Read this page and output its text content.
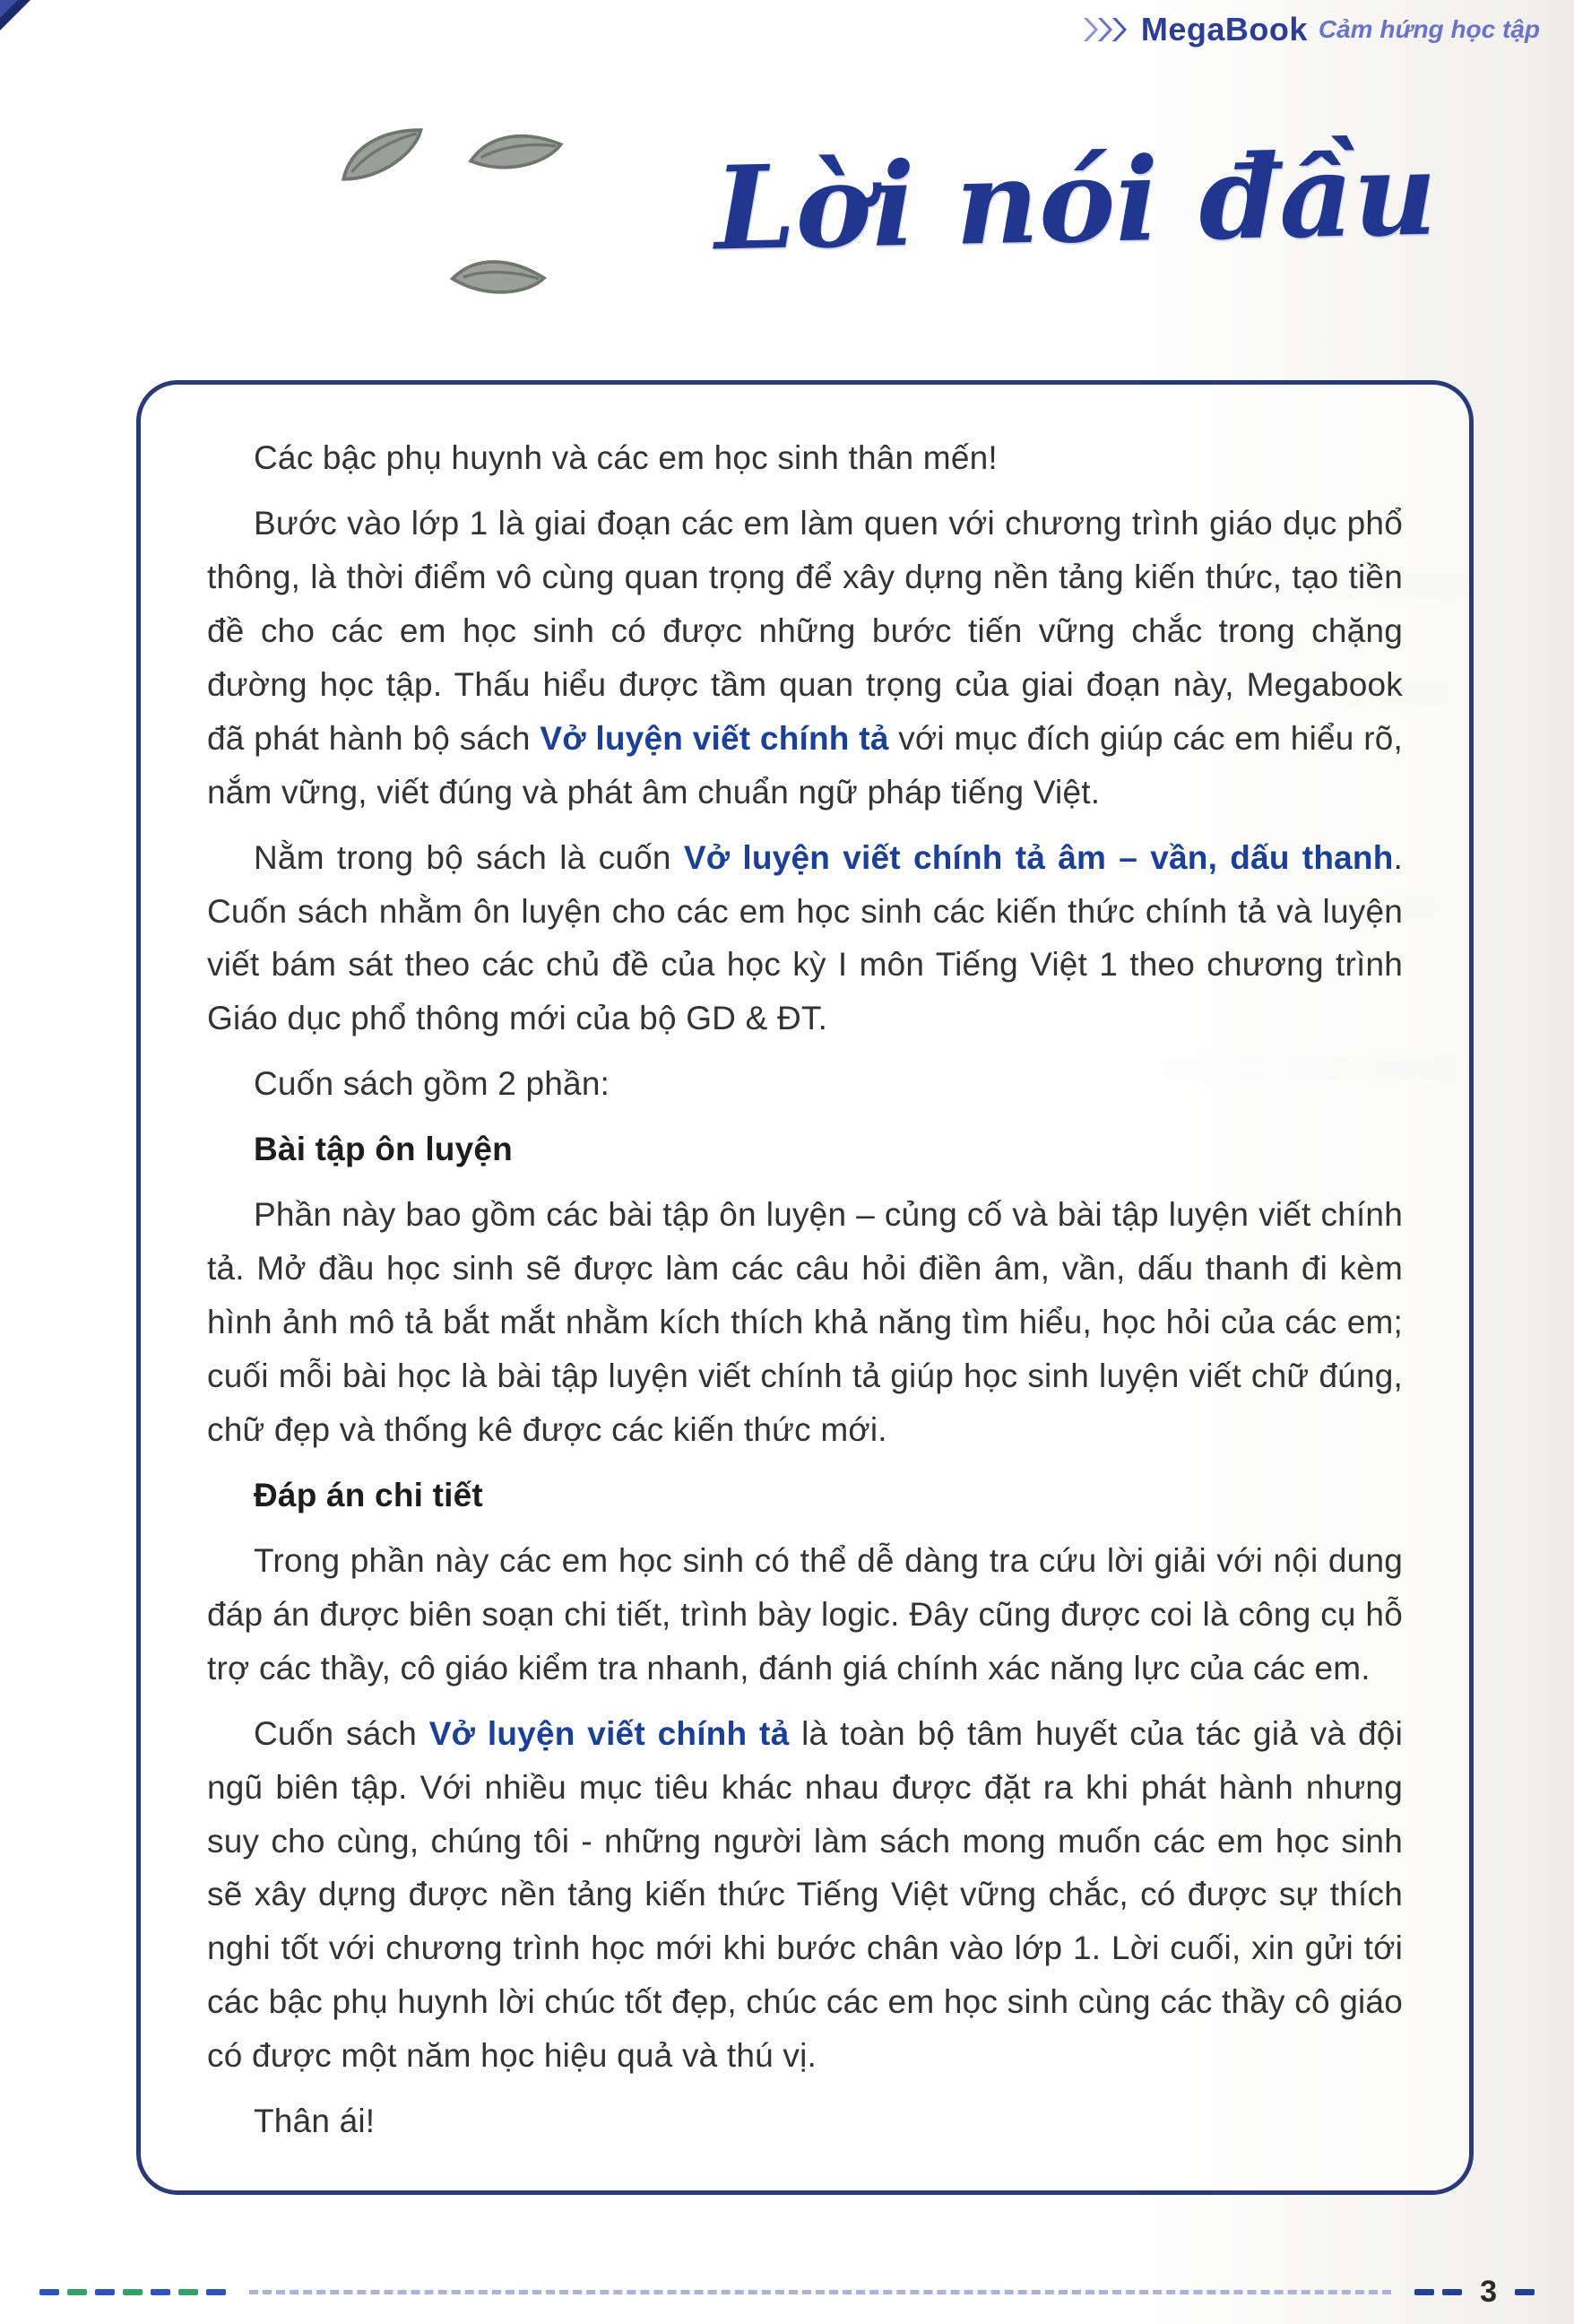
MegaBook Cảm hứng học tập
Lời nói đầu

Các bậc phụ huynh và các em học sinh thân mến!

Bước vào lớp 1 là giai đoạn các em làm quen với chương trình giáo dục phổ thông, là thời điểm vô cùng quan trọng để xây dựng nền tảng kiến thức, tạo tiền đề cho các em học sinh có được những bước tiến vững chắc trong chặng đường học tập. Thấu hiểu được tầm quan trọng của giai đoạn này, Megabook đã phát hành bộ sách Vở luyện viết chính tả với mục đích giúp các em hiểu rõ, nắm vững, viết đúng và phát âm chuẩn ngữ pháp tiếng Việt.

Nằm trong bộ sách là cuốn Vở luyện viết chính tả âm – vần, dấu thanh. Cuốn sách nhằm ôn luyện cho các em học sinh các kiến thức chính tả và luyện viết bám sát theo các chủ đề của học kỳ I môn Tiếng Việt 1 theo chương trình Giáo dục phổ thông mới của bộ GD & ĐT.

Cuốn sách gồm 2 phần:

Bài tập ôn luyện

Phần này bao gồm các bài tập ôn luyện – củng cố và bài tập luyện viết chính tả. Mở đầu học sinh sẽ được làm các câu hỏi điền âm, vần, dấu thanh đi kèm hình ảnh mô tả bắt mắt nhằm kích thích khả năng tìm hiểu, học hỏi của các em; cuối mỗi bài học là bài tập luyện viết chính tả giúp học sinh luyện viết chữ đúng, chữ đẹp và thống kê được các kiến thức mới.

Đáp án chi tiết

Trong phần này các em học sinh có thể dễ dàng tra cứu lời giải với nội dung đáp án được biên soạn chi tiết, trình bày logic. Đây cũng được coi là công cụ hỗ trợ các thầy, cô giáo kiểm tra nhanh, đánh giá chính xác năng lực của các em.

Cuốn sách Vở luyện viết chính tả là toàn bộ tâm huyết của tác giả và đội ngũ biên tập. Với nhiều mục tiêu khác nhau được đặt ra khi phát hành nhưng suy cho cùng, chúng tôi - những người làm sách mong muốn các em học sinh sẽ xây dựng được nền tảng kiến thức Tiếng Việt vững chắc, có được sự thích nghi tốt với chương trình học mới khi bước chân vào lớp 1. Lời cuối, xin gửi tới các bậc phụ huynh lời chúc tốt đẹp, chúc các em học sinh cùng các thầy cô giáo có được một năm học hiệu quả và thú vị.

Thân ái!

3
